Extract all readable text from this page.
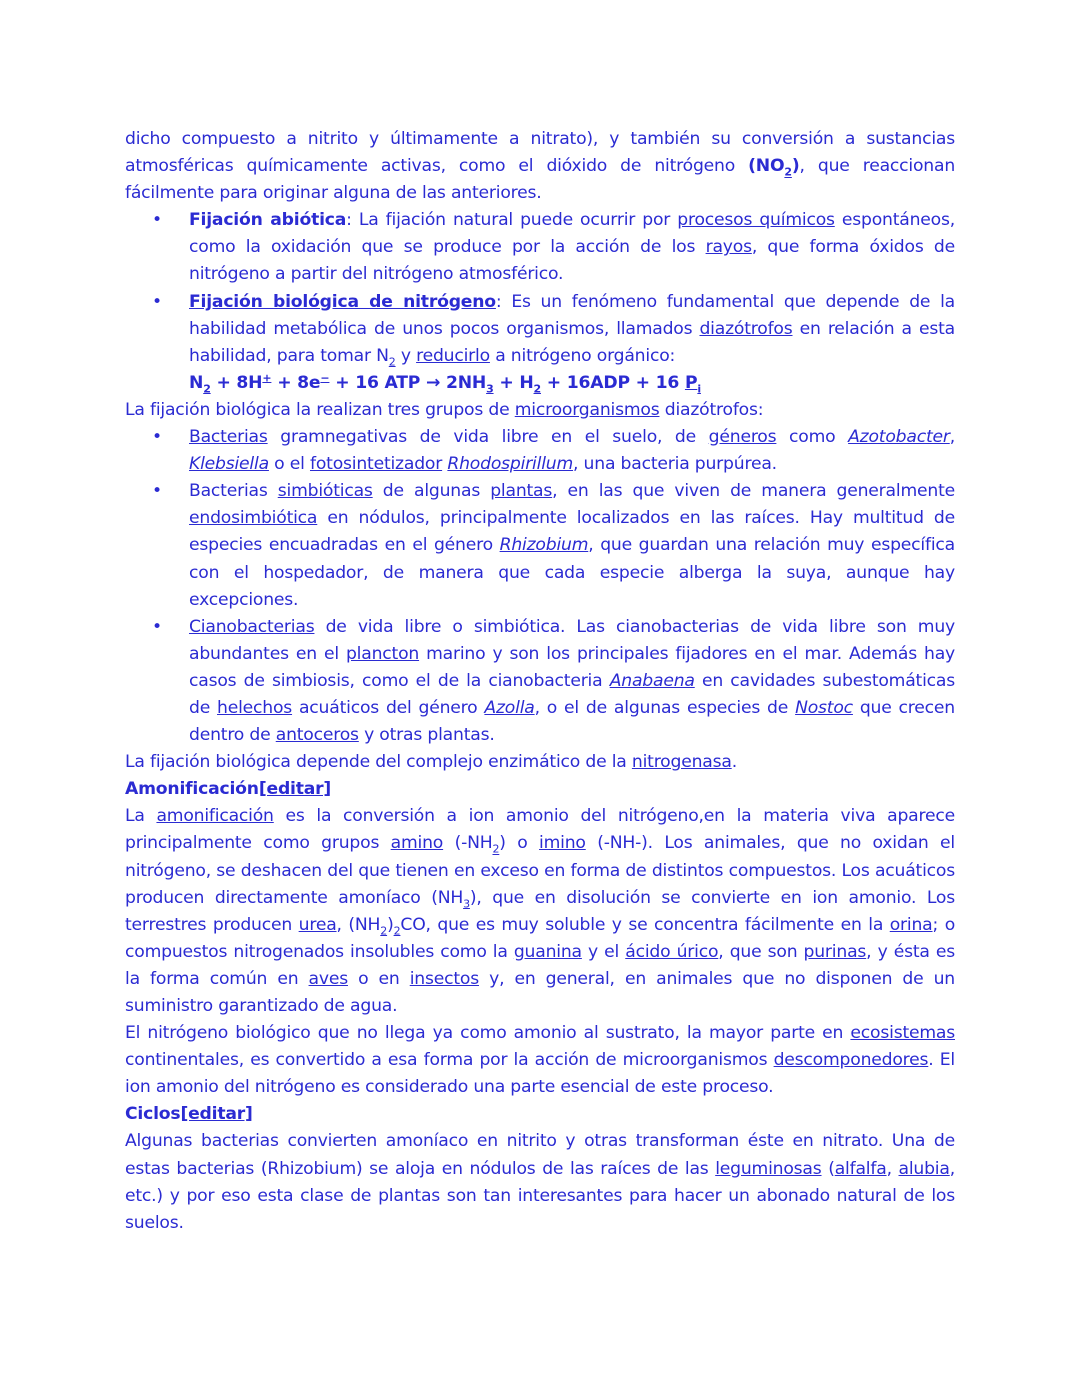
dicho compuesto a nitrito y últimamente a nitrato), y también su conversión a sustancias atmosféricas químicamente activas, como el dióxido de nitrógeno $(NO_2)$, que reaccionan fácilmente para originar alguna de las anteriores.
• Fijación abiótica: La fijación natural puede ocurrir por procesos químicos espontáneos, como la oxidación que se produce por la acción de los rayos, que forma óxidos de nitrógeno a partir del nitrógeno atmosférico.
• Fijación biológica de nitrógeno: Es un fenómeno fundamental que depende de la habilidad metabólica de unos pocos organismos, llamados diazótrofos en relación a esta habilidad, para tomar $N_2$ y reducirlo a nitrógeno orgánico:
$N_2 + 8H^+ + 8e^- + 16$ ATP → $2NH_3 + H_2 + 16ADP + 16$ $P_i$
La fijación biológica la realizan tres grupos de microorganismos diazótrofos:
• Bacterias gramnegativas de vida libre en el suelo, de géneros como Azotobacter, Klebsiella o el fotosintetizador Rhodospirillum, una bacteria purpúrea.
• Bacterias simbióticas de algunas plantas, en las que viven de manera generalmente endosimbiótica en nódulos, principalmente localizados en las raíces. Hay multitud de especies encuadradas en el género Rhizobium, que guardan una relación muy específica con el hospedador, de manera que cada especie alberga la suya, aunque hay excepciones.
• Cianobacterias de vida libre o simbiótica. Las cianobacterias de vida libre son muy abundantes en el plancton marino y son los principales fijadores en el mar. Además hay casos de simbiosis, como el de la cianobacteria Anabaena en cavidades subestomáticas de helechos acuáticos del género Azolla, o el de algunas especies de Nostoc que crecen dentro de antoceros y otras plantas.
La fijación biológica depende del complejo enzimático de la nitrogenasa.
Amonificación[editar]
La amonificación es la conversión a ion amonio del nitrógeno,en la materia viva aparece principalmente como grupos amino $(-NH_2)$ o imino (-NH-). Los animales, que no oxidan el nitrógeno, se deshacen del que tienen en exceso en forma de distintos compuestos. Los acuáticos producen directamente amoníaco $(NH_3)$, que en disolución se convierte en ion amonio. Los terrestres producen urea, $(NH_2)_2CO$, que es muy soluble y se concentra fácilmente en la orina; o compuestos nitrogenados insolubles como la guanina y el ácido úrico, que son purinas, y ésta es la forma común en aves o en insectos y, en general, en animales que no disponen de un suministro garantizado de agua.
El nitrógeno biológico que no llega ya como amonio al sustrato, la mayor parte en ecosistemas continentales, es convertido a esa forma por la acción de microorganismos descomponedores. El ion amonio del nitrógeno es considerado una parte esencial de este proceso.
Ciclos[editar]
Algunas bacterias convierten amoníaco en nitrito y otras transforman éste en nitrato. Una de estas bacterias (Rhizobium) se aloja en nódulos de las raíces de las leguminosas (alfalfa, alubia, etc.) y por eso esta clase de plantas son tan interesantes para hacer un abonado natural de los suelos.
